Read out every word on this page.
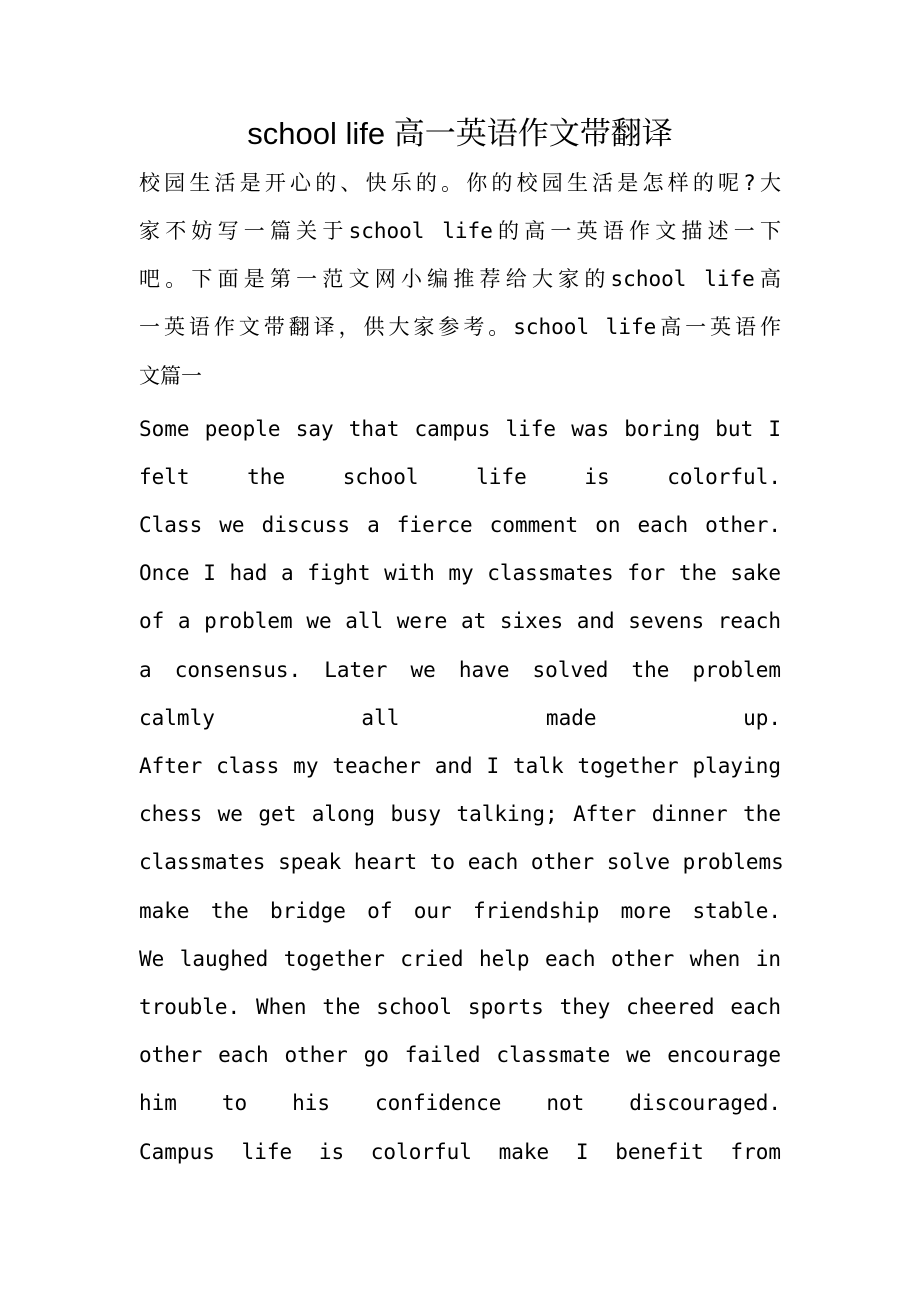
school life 高一英语作文带翻译
校园生活是开心的、快乐的。你的校园生活是怎样的呢?大
家不妨写一篇关于school life的高一英语作文描述一下
吧。下面是第一范文网小编推荐给大家的school life高
一英语作文带翻译，供大家参考。school life高一英语作
文篇一
Some people say that campus life was boring but I
felt the school life is colorful.
Class we discuss a fierce comment on each other.
Once I had a fight with my classmates for the sake
of a problem we all were at sixes and sevens reach
a consensus. Later we have solved the problem
calmly all made up.
After class my teacher and I talk together playing
chess we get along busy talking; After dinner the
classmates speak heart to each other solve problems
make the bridge of our friendship more stable.
We laughed together cried help each other when in
trouble. When the school sports they cheered each
other each other go failed classmate we encourage
him to his confidence not discouraged.
Campus life is colorful make I benefit from
